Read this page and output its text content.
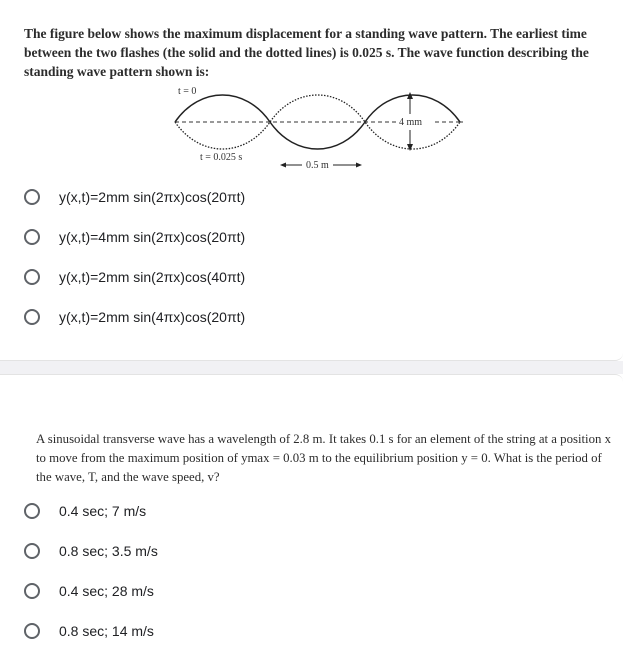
The figure below shows the maximum displacement for a standing wave pattern. The earliest time between the two flashes (the solid and the dotted lines) is 0.025 s. The wave function describing the standing wave pattern shown is:

t = 0
4 mm
t = 0.025 s
0.5 m
y(x,t)=2mm sin(2πx)cos(20πt)
y(x,t)=4mm sin(2πx)cos(20πt)
y(x,t)=2mm sin(2πx)cos(40πt)
y(x,t)=2mm sin(4πx)cos(20πt)

A sinusoidal transverse wave has a wavelength of 2.8 m. It takes 0.1 s for an element of the string at a position x to move from the maximum position of ymax = 0.03 m to the equilibrium position y = 0. What is the period of the wave, T, and the wave speed, v?

0.4 sec; 7 m/s
0.8 sec; 3.5 m/s
0.4 sec; 28 m/s
0.8 sec; 14 m/s
